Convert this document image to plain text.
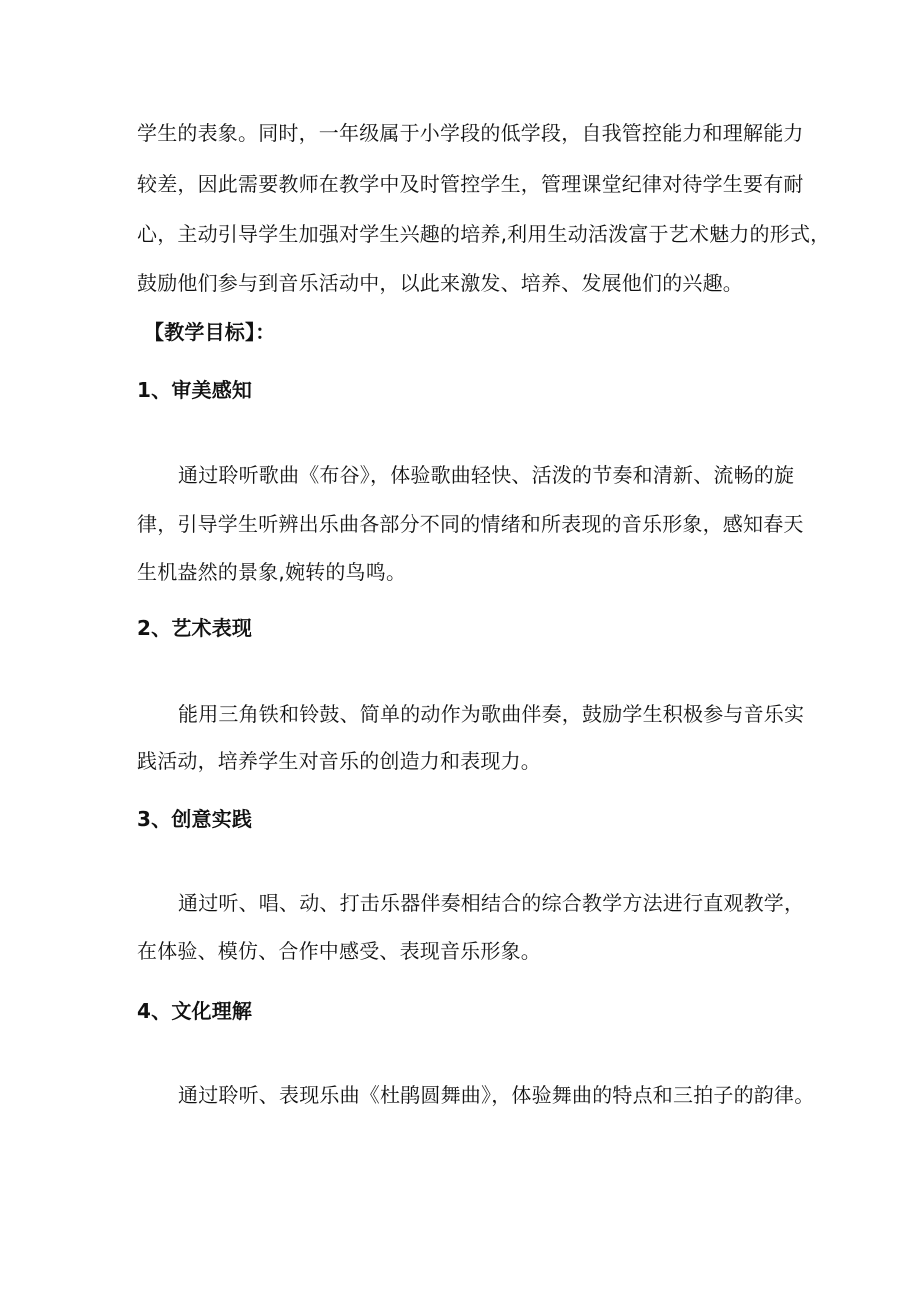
学生的表象。同时，一年级属于小学段的低学段，自我管控能力和理解能力
较差，因此需要教师在教学中及时管控学生，管理课堂纪律对待学生要有耐
心，主动引导学生加强对学生兴趣的培养,利用生动活泼富于艺术魅力的形式，
鼓励他们参与到音乐活动中，以此来激发、培养、发展他们的兴趣。
【教学目标】：
1、审美感知
通过聆听歌曲《布谷》，体验歌曲轻快、活泼的节奏和清新、流畅的旋
律，引导学生听辨出乐曲各部分不同的情绪和所表现的音乐形象，感知春天
生机盎然的景象,婉转的鸟鸣。
2、艺术表现
能用三角铁和铃鼓、简单的动作为歌曲伴奏，鼓励学生积极参与音乐实
践活动，培养学生对音乐的创造力和表现力。
3、创意实践
通过听、唱、动、打击乐器伴奏相结合的综合教学方法进行直观教学，
在体验、模仿、合作中感受、表现音乐形象。
4、文化理解
通过聆听、表现乐曲《杜鹃圆舞曲》，体验舞曲的特点和三拍子的韵律。
